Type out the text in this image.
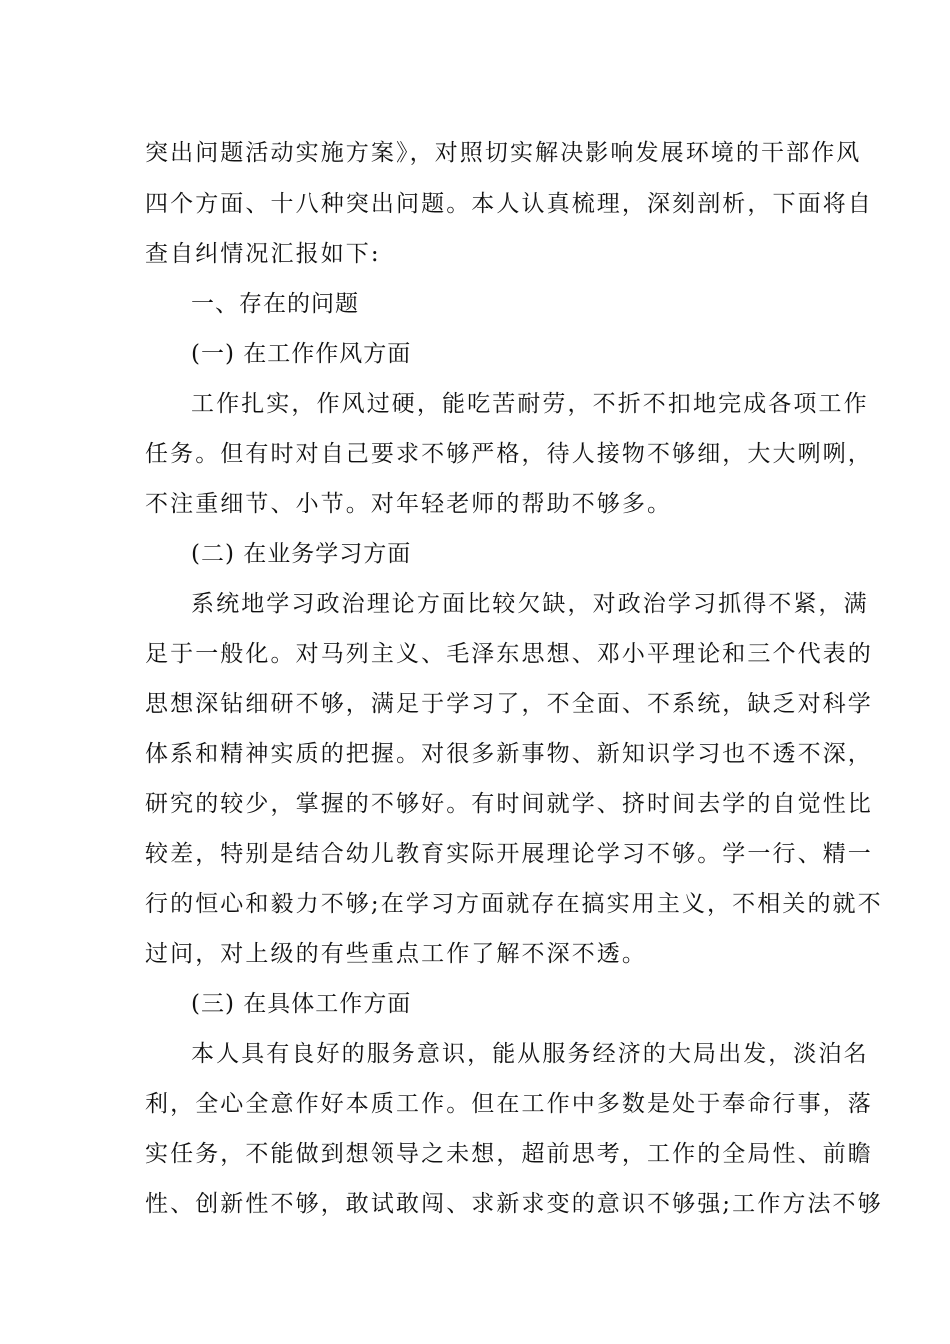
突出问题活动实施方案》，对照切实解决影响发展环境的干部作风
四个方面、十八种突出问题。本人认真梳理，深刻剖析，下面将自
查自纠情况汇报如下:
一、存在的问题
(一) 在工作作风方面
工作扎实，作风过硬，能吃苦耐劳，不折不扣地完成各项工作
任务。但有时对自己要求不够严格，待人接物不够细，大大咧咧，
不注重细节、小节。对年轻老师的帮助不够多。
(二) 在业务学习方面
系统地学习政治理论方面比较欠缺，对政治学习抓得不紧，满
足于一般化。对马列主义、毛泽东思想、邓小平理论和三个代表的
思想深钻细研不够，满足于学习了，不全面、不系统，缺乏对科学
体系和精神实质的把握。对很多新事物、新知识学习也不透不深，
研究的较少，掌握的不够好。有时间就学、挤时间去学的自觉性比
较差，特别是结合幼儿教育实际开展理论学习不够。学一行、精一
行的恒心和毅力不够;在学习方面就存在搞实用主义，不相关的就不
过问，对上级的有些重点工作了解不深不透。
(三) 在具体工作方面
本人具有良好的服务意识，能从服务经济的大局出发，淡泊名
利，全心全意作好本质工作。但在工作中多数是处于奉命行事，落
实任务，不能做到想领导之未想，超前思考，工作的全局性、前瞻
性、创新性不够，敢试敢闯、求新求变的意识不够强;工作方法不够
